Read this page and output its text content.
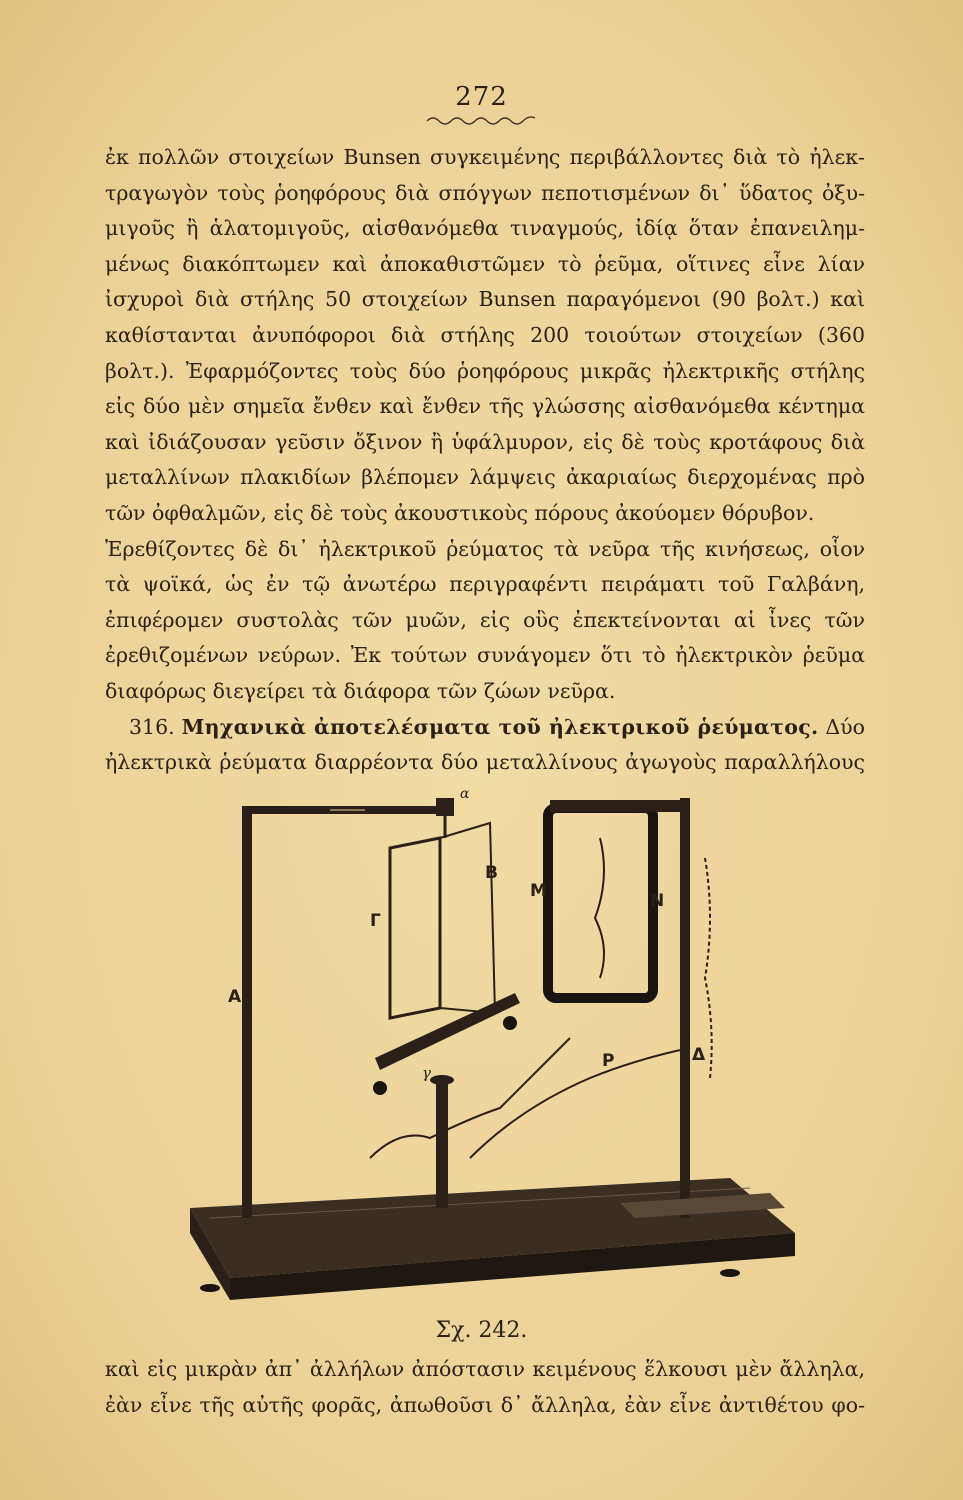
272
ἐκ πολλῶν στοιχείων Bunsen συγκειμένης περιβάλλοντες διὰ τὸ ἠλεκ-
τραγωγὸν τοὺς ῥοηφόρους διὰ σπόγγων πεποτισμένων δι᾽ ὕδατος ὀξυ-
μιγοῦς ἢ ἁλατομιγοῦς, αἰσθανόμεθα τιναγμούς, ἰδίᾳ ὅταν ἐπανειλημ-
μένως διακόπτωμεν καὶ ἀποκαθιστῶμεν τὸ ῥεῦμα, οἵτινες εἶνε λίαν
ἰσχυροὶ διὰ στήλης 50 στοιχείων Bunsen παραγόμενοι (90 βολτ.) καὶ
καθίστανται ἀνυπόφοροι διὰ στήλης 200 τοιούτων στοιχείων (360
βολτ.). Ἐφαρμόζοντες τοὺς δύο ῥοηφόρους μικρᾶς ἠλεκτρικῆς στήλης
εἰς δύο μὲν σημεῖα ἔνθεν καὶ ἔνθεν τῆς γλώσσης αἰσθανόμεθα κέντημα
καὶ ἰδιάζουσαν γεῦσιν ὄξινον ἢ ὑφάλμυρον, εἰς δὲ τοὺς κροτάφους διὰ
μεταλλίνων πλακιδίων βλέπομεν λάμψεις ἀκαριαίως διερχομένας πρὸ
τῶν ὀφθαλμῶν, εἰς δὲ τοὺς ἀκουστικοὺς πόρους ἀκούομεν θόρυβον.
Ἐρεθίζοντες δὲ δι᾽ ἠλεκτρικοῦ ῥεύματος τὰ νεῦρα τῆς κινήσεως, οἷον
τὰ ψοϊκά, ὡς ἐν τῷ ἀνωτέρω περιγραφέντι πειράματι τοῦ Γαλβάνη,
ἐπιφέρομεν συστολὰς τῶν μυῶν, εἰς οὓς ἐπεκτείνονται αἱ ἶνες τῶν
ἐρεθιζομένων νεύρων. Ἐκ τούτων συνάγομεν ὅτι τὸ ἠλεκτρικὸν ῥεῦμα
διαφόρως διεγείρει τὰ διάφορα τῶν ζώων νεῦρα.
316. Μηχανικὰ ἀποτελέσματα τοῦ ἠλεκτρικοῦ ῥεύματος. Δύο
ἠλεκτρικὰ ῥεύματα διαρρέοντα δύο μεταλλίνους ἀγωγοὺς παραλλήλους
α
B
Γ
A
γ
M	N
Δ
P
Σχ. 242.
καὶ εἰς μικρὰν ἀπ᾽ ἀλλήλων ἀπόστασιν κειμένους ἕλκουσι μὲν ἄλληλα,
ἐὰν εἶνε τῆς αὐτῆς φορᾶς, ἀπωθοῦσι δ᾽ ἄλληλα, ἐὰν εἶνε ἀντιθέτου φο-
